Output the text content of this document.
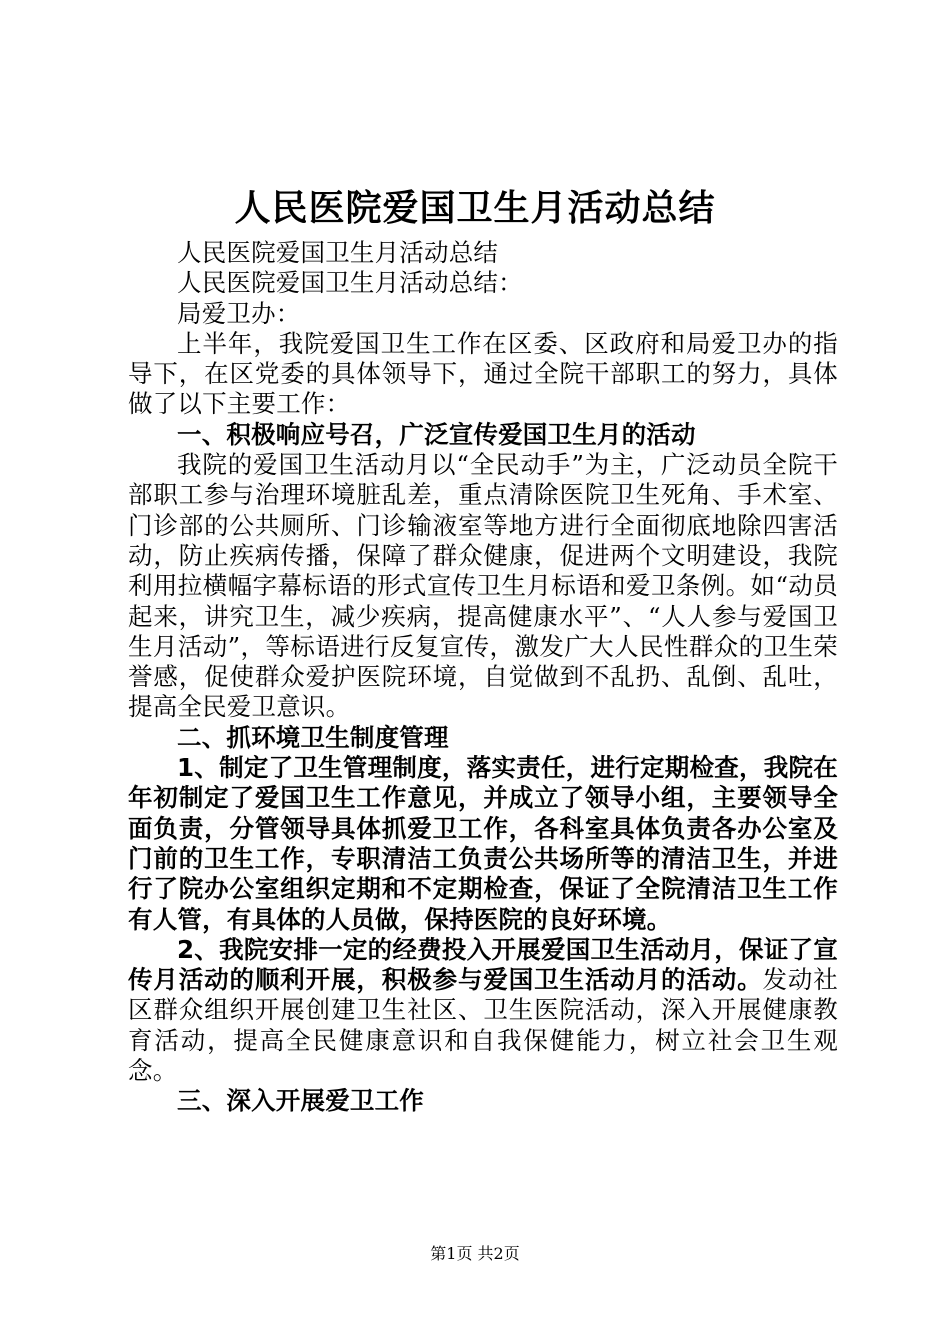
人民医院爱国卫生月活动总结

人民医院爱国卫生月活动总结

人民医院爱国卫生月活动总结：

局爱卫办：

上半年，我院爱国卫生工作在区委、区政府和局爱卫办的指导下，在区党委的具体领导下，通过全院干部职工的努力，具体做了以下主要工作：

一、积极响应号召，广泛宣传爱国卫生月的活动

我院的爱国卫生活动月以“全民动手”为主，广泛动员全院干部职工参与治理环境脏乱差，重点清除医院卫生死角、手术室、门诊部的公共厕所、门诊输液室等地方进行全面彻底地除四害活动，防止疾病传播，保障了群众健康，促进两个文明建设，我院利用拉横幅字幕标语的形式宣传卫生月标语和爱卫条例。如“动员起来，讲究卫生，减少疾病，提高健康水平”、“人人参与爱国卫生月活动”，等标语进行反复宣传，激发广大人民性群众的卫生荣誉感，促使群众爱护医院环境，自觉做到不乱扔、乱倒、乱吐，提高全民爱卫意识。

二、抓环境卫生制度管理

1、制定了卫生管理制度，落实责任，进行定期检查，我院在年初制定了爱国卫生工作意见，并成立了领导小组，主要领导全面负责，分管领导具体抓爱卫工作，各科室具体负责各办公室及门前的卫生工作，专职清洁工负责公共场所等的清洁卫生，并进行了院办公室组织定期和不定期检查，保证了全院清洁卫生工作有人管，有具体的人员做，保持医院的良好环境。

2、我院安排一定的经费投入开展爱国卫生活动月，保证了宣传月活动的顺利开展，积极参与爱国卫生活动月的活动。发动社区群众组织开展创建卫生社区、卫生医院活动，深入开展健康教育活动，提高全民健康意识和自我保健能力，树立社会卫生观念。

三、深入开展爱卫工作

第1页 共2页
